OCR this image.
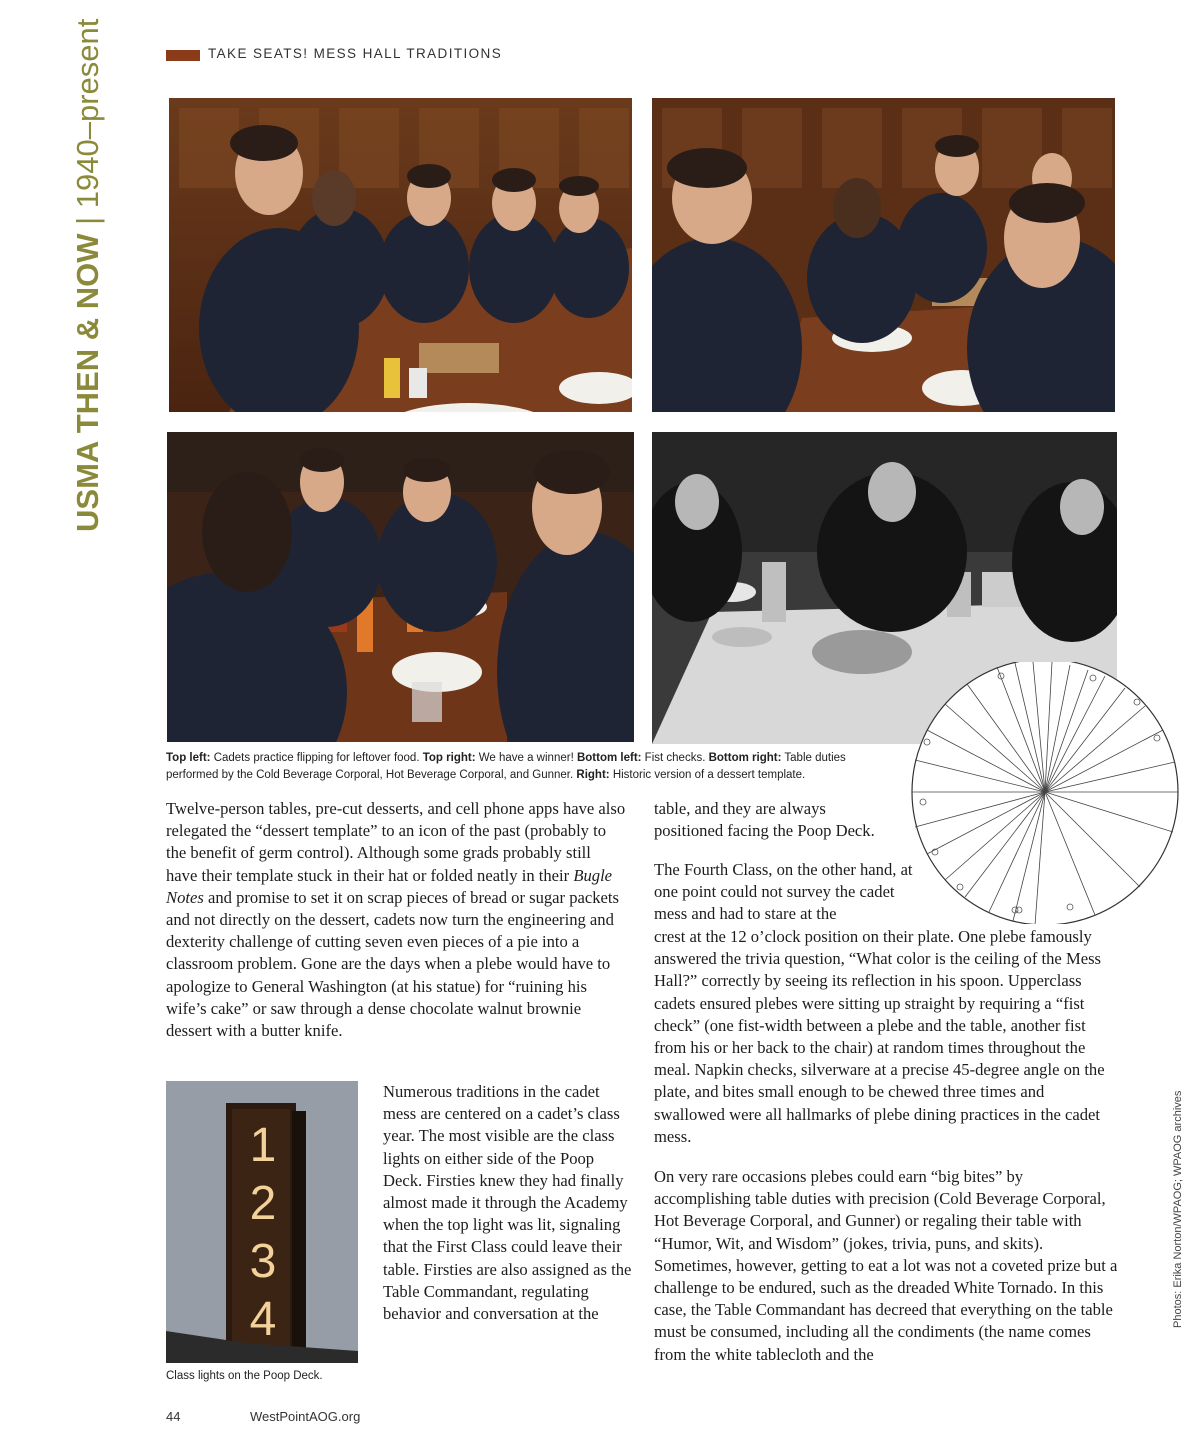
TAKE SEATS! MESS HALL TRADITIONS
USMA THEN & NOW | 1940–present
Top left: Cadets practice flipping for leftover food. Top right: We have a winner! Bottom left: Fist checks. Bottom right: Table duties performed by the Cold Beverage Corporal, Hot Beverage Corporal, and Gunner. Right: Historic version of a dessert template.

Twelve-person tables, pre-cut desserts, and cell phone apps have also relegated the “dessert template” to an icon of the past (probably to the benefit of germ control). Although some grads probably still have their template stuck in their hat or folded neatly in their Bugle Notes and promise to set it on scrap pieces of bread or sugar packets and not directly on the dessert, cadets now turn the engineering and dexterity challenge of cutting seven even pieces of a pie into a classroom problem. Gone are the days when a plebe would have to apologize to General Washington (at his statue) for “ruining his wife’s cake” or saw through a dense chocolate walnut brownie dessert with a butter knife.

1
2
3
4
Class lights on the Poop Deck.

Numerous traditions in the cadet mess are centered on a cadet’s class year. The most visible are the class lights on either side of the Poop Deck. Firsties knew they had finally almost made it through the Academy when the top light was lit, signaling that the First Class could leave their table. Firsties are also assigned as the Table Commandant, regulating behavior and conversation at the

table, and they are always positioned facing the Poop Deck.

The Fourth Class, on the other hand, at one point could not survey the cadet mess and had to stare at the

crest at the 12 o’clock position on their plate. One plebe famously answered the trivia question, “What color is the ceiling of the Mess Hall?” correctly by seeing its reflection in his spoon. Upperclass cadets ensured plebes were sitting up straight by requiring a “fist check” (one fist-width between a plebe and the table, another fist from his or her back to the chair) at random times throughout the meal. Napkin checks, silverware at a precise 45-degree angle on the plate, and bites small enough to be chewed three times and swallowed were all hallmarks of plebe dining practices in the cadet mess.

On very rare occasions plebes could earn “big bites” by accomplishing table duties with precision (Cold Beverage Corporal, Hot Beverage Corporal, and Gunner) or regaling their table with “Humor, Wit, and Wisdom” (jokes, trivia, puns, and skits). Sometimes, however, getting to eat a lot was not a coveted prize but a challenge to be endured, such as the dreaded White Tornado. In this case, the Table Commandant has decreed that everything on the table must be consumed, including all the condiments (the name comes from the white tablecloth and the

44	WestPointAOG.org
Photos: Erika Norton/WPAOG; WPAOG archives
